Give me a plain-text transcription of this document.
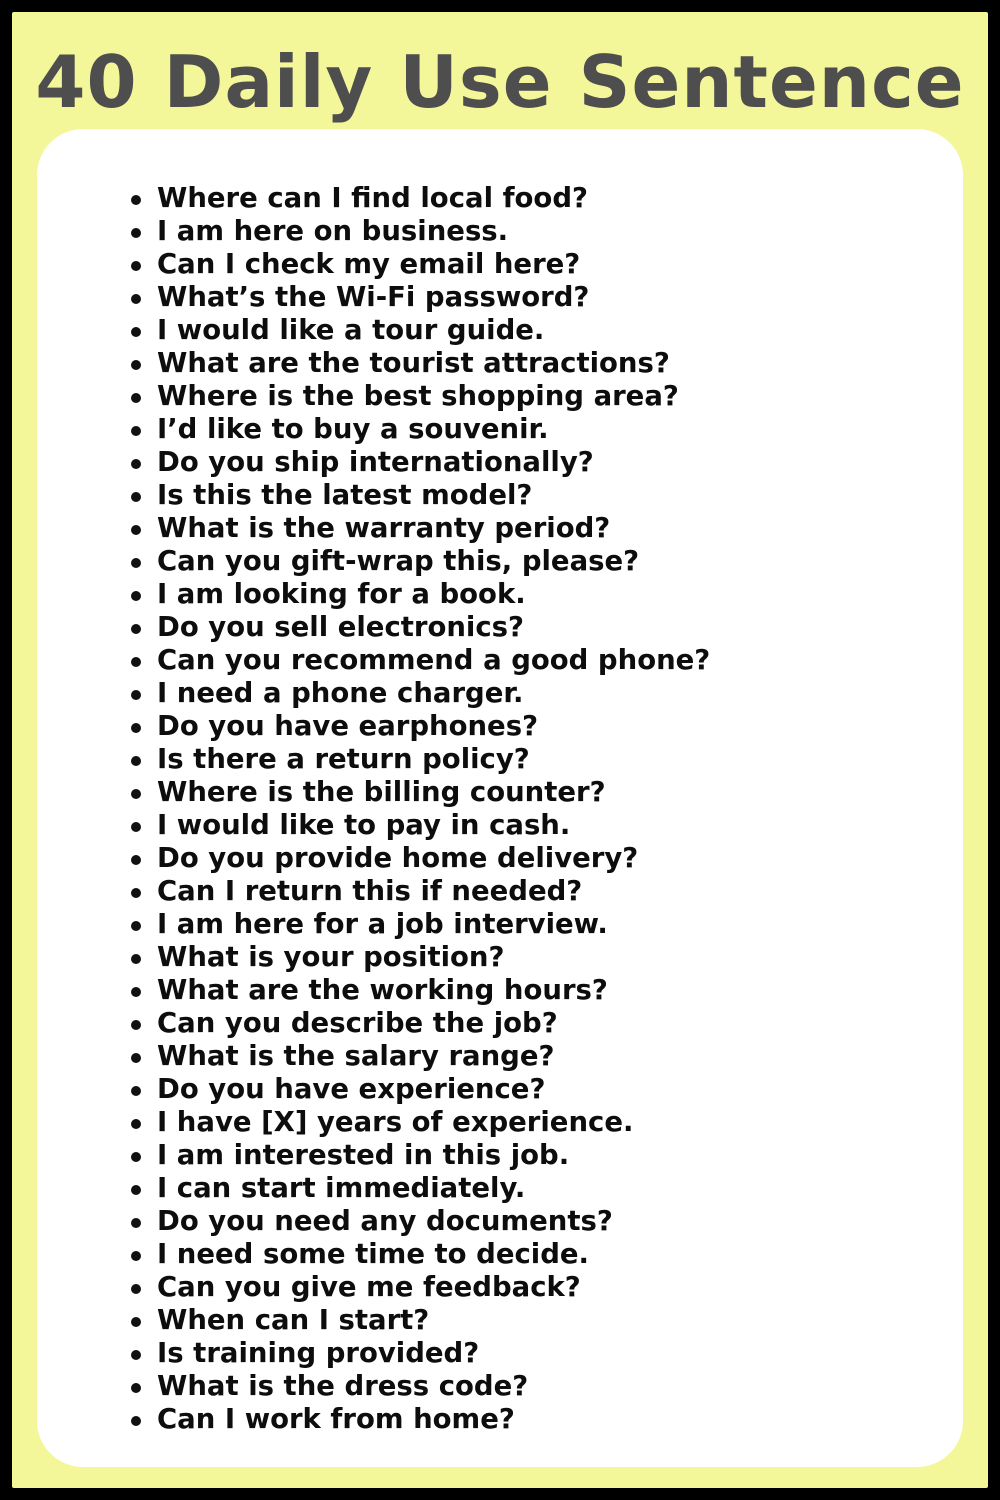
40 Daily Use Sentence
Where can I find local food?
I am here on business.
Can I check my email here?
What’s the Wi-Fi password?
I would like a tour guide.
What are the tourist attractions?
Where is the best shopping area?
I’d like to buy a souvenir.
Do you ship internationally?
Is this the latest model?
What is the warranty period?
Can you gift-wrap this, please?
I am looking for a book.
Do you sell electronics?
Can you recommend a good phone?
I need a phone charger.
Do you have earphones?
Is there a return policy?
Where is the billing counter?
I would like to pay in cash.
Do you provide home delivery?
Can I return this if needed?
I am here for a job interview.
What is your position?
What are the working hours?
Can you describe the job?
What is the salary range?
Do you have experience?
I have [X] years of experience.
I am interested in this job.
I can start immediately.
Do you need any documents?
I need some time to decide.
Can you give me feedback?
When can I start?
Is training provided?
What is the dress code?
Can I work from home?
